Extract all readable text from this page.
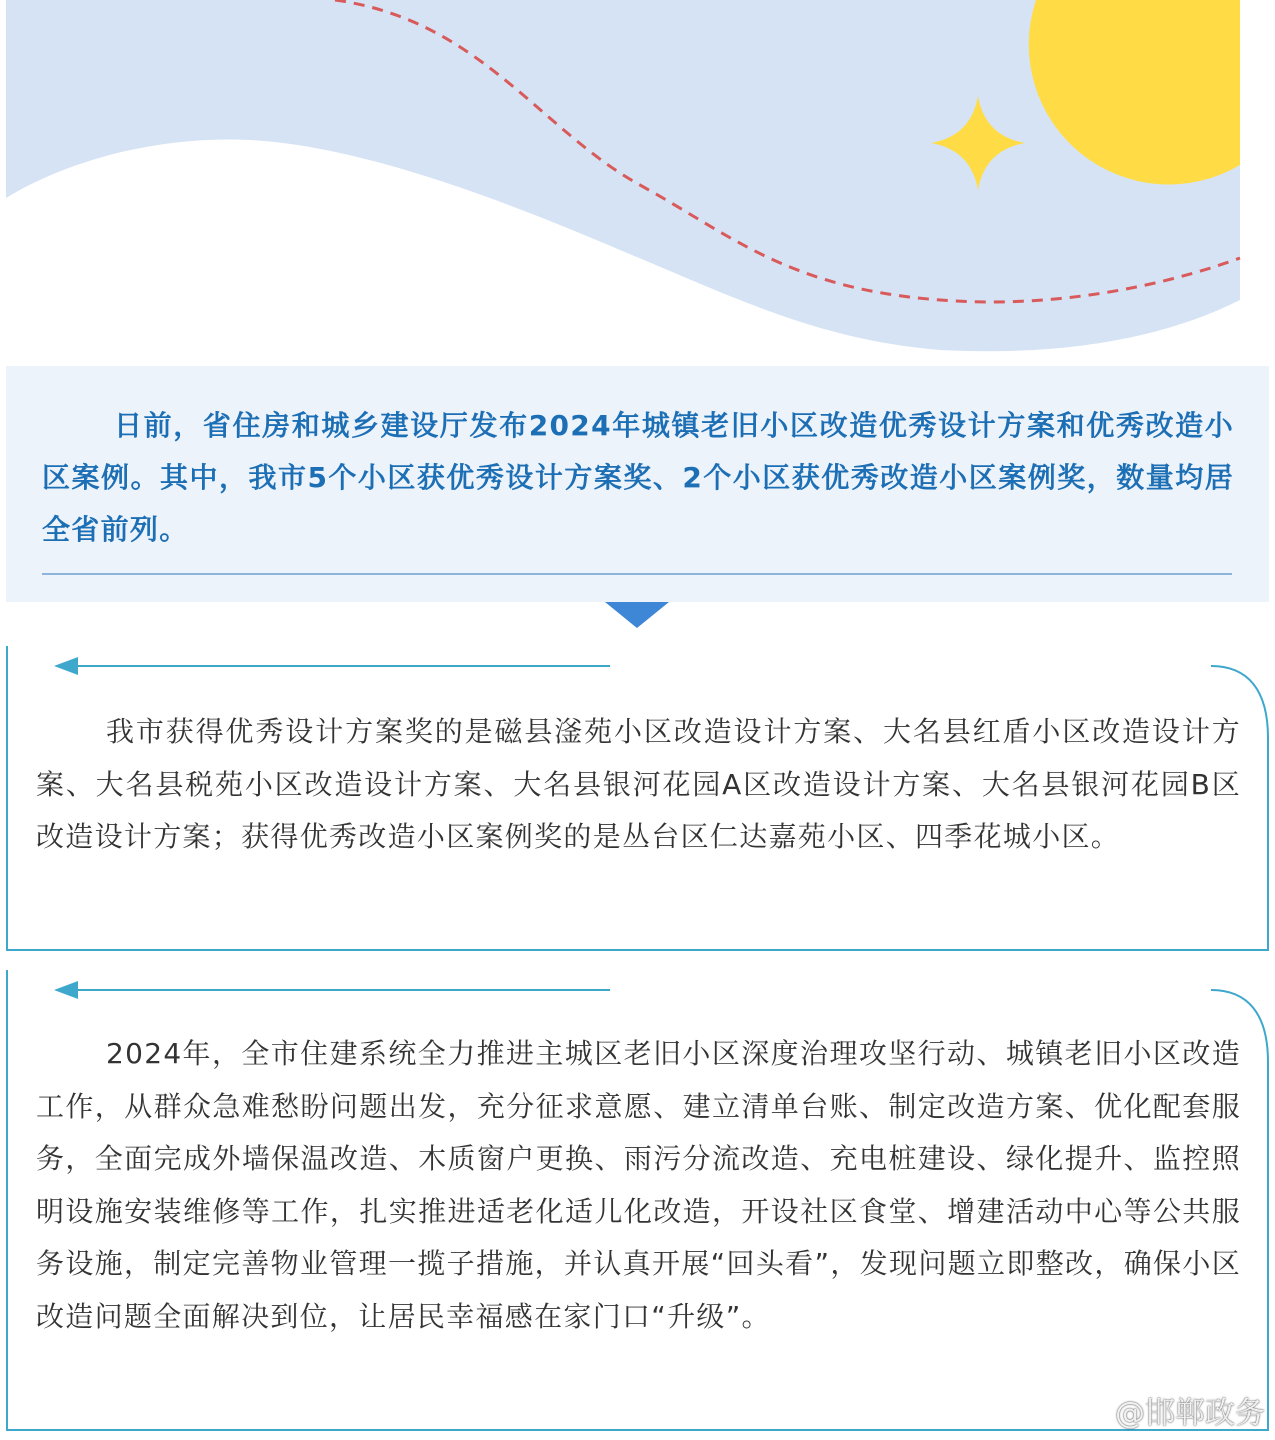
日前，省住房和城乡建设厅发布2024年城镇老旧小区改造优秀设计方案和优秀改造小区案例。其中，我市5个小区获优秀设计方案奖、2个小区获优秀改造小区案例奖，数量均居全省前列。

我市获得优秀设计方案奖的是磁县滏苑小区改造设计方案、大名县红盾小区改造设计方案、大名县税苑小区改造设计方案、大名县银河花园A区改造设计方案、大名县银河花园B区改造设计方案；获得优秀改造小区案例奖的是丛台区仁达嘉苑小区、四季花城小区。

2024年，全市住建系统全力推进主城区老旧小区深度治理攻坚行动、城镇老旧小区改造工作，从群众急难愁盼问题出发，充分征求意愿、建立清单台账、制定改造方案、优化配套服务，全面完成外墙保温改造、木质窗户更换、雨污分流改造、充电桩建设、绿化提升、监控照明设施安装维修等工作，扎实推进适老化适儿化改造，开设社区食堂、增建活动中心等公共服务设施，制定完善物业管理一揽子措施，并认真开展“回头看”，发现问题立即整改，确保小区改造问题全面解决到位，让居民幸福感在家门口“升级”。

@邯郸政务
